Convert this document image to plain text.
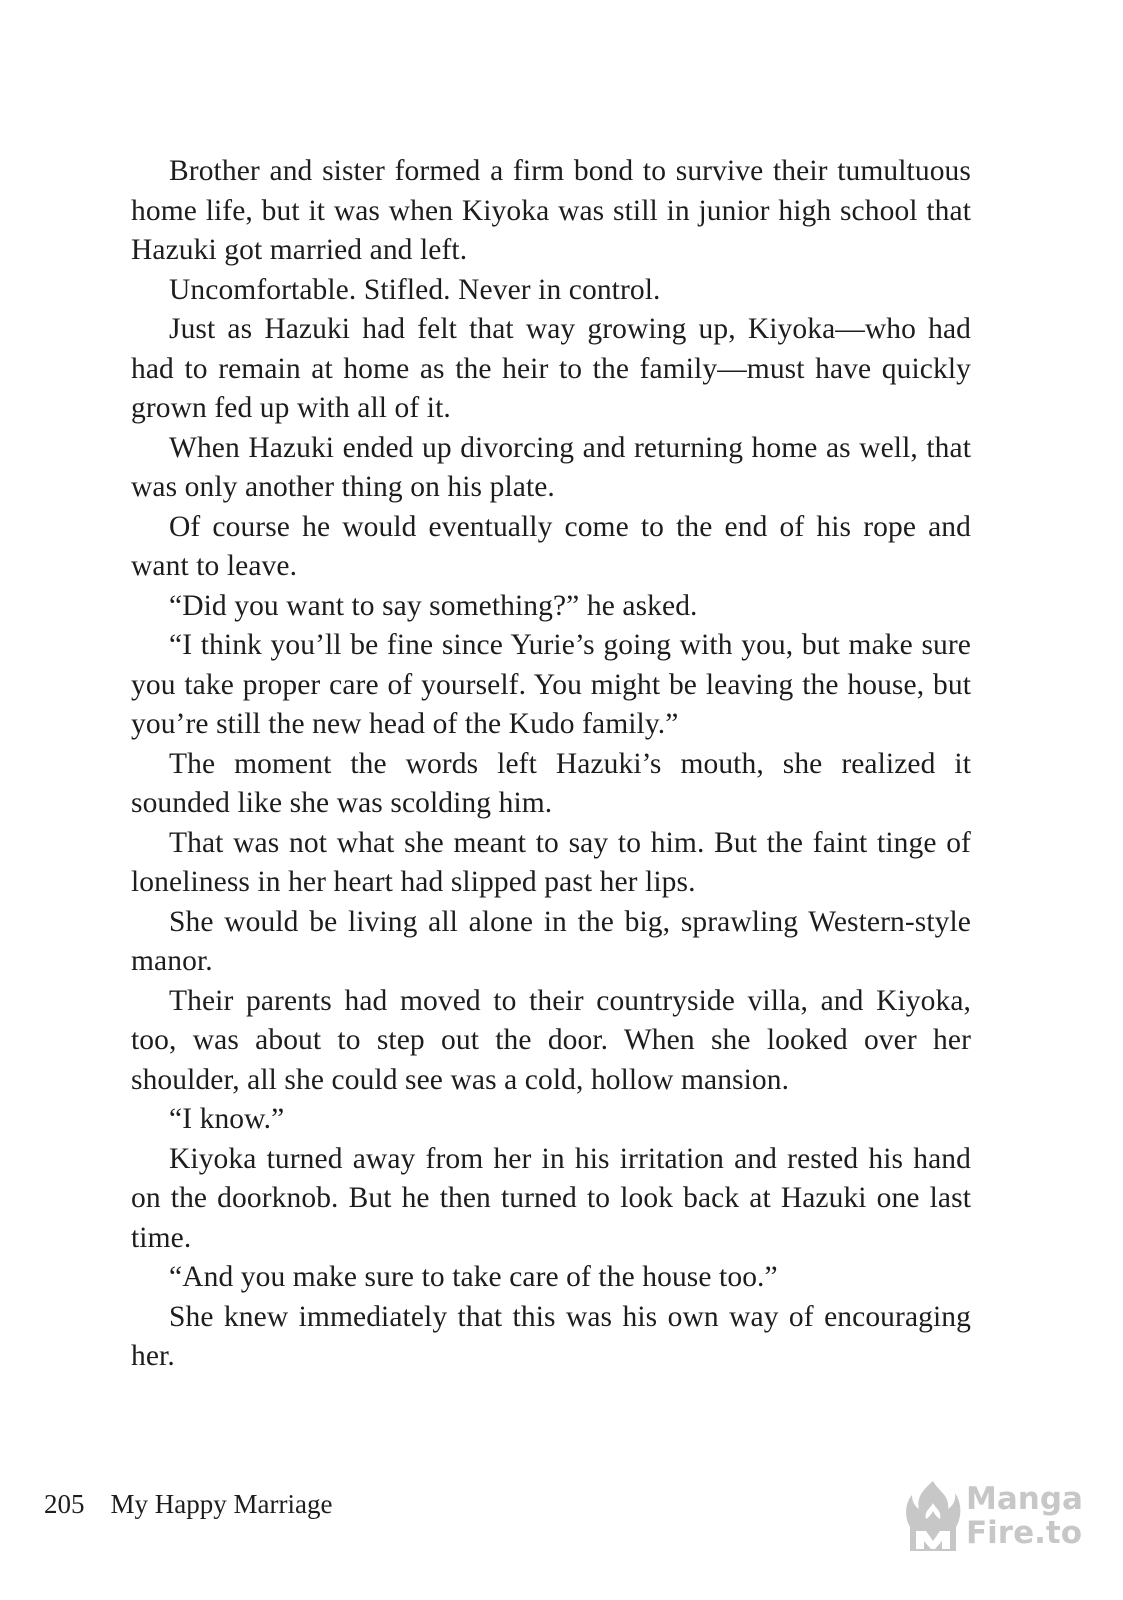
Brother and sister formed a firm bond to survive their tumultuous home life, but it was when Kiyoka was still in junior high school that Hazuki got married and left.

Uncomfortable. Stifled. Never in control.

Just as Hazuki had felt that way growing up, Kiyoka—who had had to remain at home as the heir to the family—must have quickly grown fed up with all of it.

When Hazuki ended up divorcing and returning home as well, that was only another thing on his plate.

Of course he would eventually come to the end of his rope and want to leave.

“Did you want to say something?” he asked.

“I think you’ll be fine since Yurie’s going with you, but make sure you take proper care of yourself. You might be leaving the house, but you’re still the new head of the Kudo family.”

The moment the words left Hazuki’s mouth, she realized it sounded like she was scolding him.

That was not what she meant to say to him. But the faint tinge of loneliness in her heart had slipped past her lips.

She would be living all alone in the big, sprawling Western-style manor.

Their parents had moved to their countryside villa, and Kiyoka, too, was about to step out the door. When she looked over her shoulder, all she could see was a cold, hollow mansion.

“I know.”

Kiyoka turned away from her in his irritation and rested his hand on the doorknob. But he then turned to look back at Hazuki one last time.

“And you make sure to take care of the house too.”

She knew immediately that this was his own way of encouraging her.

205 My Happy Marriage	Manga
Fire.to
